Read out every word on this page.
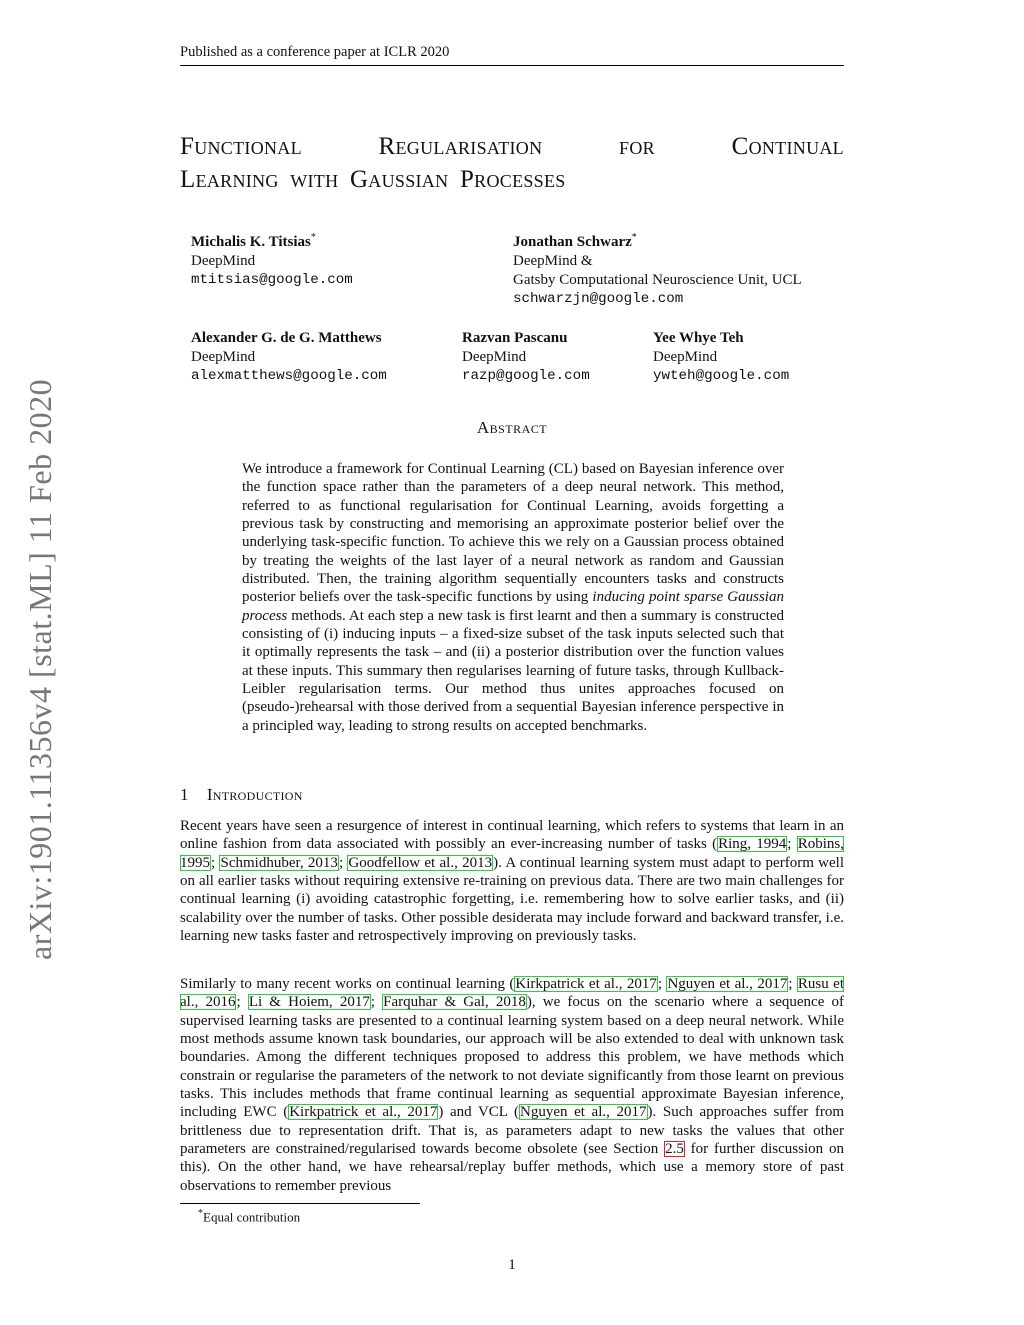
Published as a conference paper at ICLR 2020
Functional	Regularisation	for	Continual
Learning with Gaussian Processes
Michalis K. Titsias*
DeepMind
mtitsias@google.com
Jonathan Schwarz*
DeepMind &
Gatsby Computational Neuroscience Unit, UCL
schwarzjn@google.com
Alexander G. de G. Matthews
DeepMind
alexmatthews@google.com
Razvan Pascanu
DeepMind
razp@google.com
Yee Whye Teh
DeepMind
ywteh@google.com
Abstract
We introduce a framework for Continual Learning (CL) based on Bayesian inference over the function space rather than the parameters of a deep neural network. This method, referred to as functional regularisation for Continual Learning, avoids forgetting a previous task by constructing and memorising an approximate posterior belief over the underlying task-specific function. To achieve this we rely on a Gaussian process obtained by treating the weights of the last layer of a neural network as random and Gaussian distributed. Then, the training algorithm sequentially encounters tasks and constructs posterior beliefs over the task-specific functions by using inducing point sparse Gaussian process methods. At each step a new task is first learnt and then a summary is constructed consisting of (i) inducing inputs – a fixed-size subset of the task inputs selected such that it optimally represents the task – and (ii) a posterior distribution over the function values at these inputs. This summary then regularises learning of future tasks, through Kullback-Leibler regularisation terms. Our method thus unites approaches focused on (pseudo-)rehearsal with those derived from a sequential Bayesian inference perspective in a principled way, leading to strong results on accepted benchmarks.
1 Introduction
Recent years have seen a resurgence of interest in continual learning, which refers to systems that learn in an online fashion from data associated with possibly an ever-increasing number of tasks (Ring, 1994; Robins, 1995; Schmidhuber, 2013; Goodfellow et al., 2013). A continual learning system must adapt to perform well on all earlier tasks without requiring extensive re-training on previous data. There are two main challenges for continual learning (i) avoiding catastrophic forgetting, i.e. remembering how to solve earlier tasks, and (ii) scalability over the number of tasks. Other possible desiderata may include forward and backward transfer, i.e. learning new tasks faster and retrospectively improving on previously tasks.
Similarly to many recent works on continual learning (Kirkpatrick et al., 2017; Nguyen et al., 2017; Rusu et al., 2016; Li & Hoiem, 2017; Farquhar & Gal, 2018), we focus on the scenario where a sequence of supervised learning tasks are presented to a continual learning system based on a deep neural network. While most methods assume known task boundaries, our approach will be also extended to deal with unknown task boundaries. Among the different techniques proposed to address this problem, we have methods which constrain or regularise the parameters of the network to not deviate significantly from those learnt on previous tasks. This includes methods that frame continual learning as sequential approximate Bayesian inference, including EWC (Kirkpatrick et al., 2017) and VCL (Nguyen et al., 2017). Such approaches suffer from brittleness due to representation drift. That is, as parameters adapt to new tasks the values that other parameters are constrained/regularised towards become obsolete (see Section 2.5 for further discussion on this). On the other hand, we have rehearsal/replay buffer methods, which use a memory store of past observations to remember previous
*Equal contribution
1
arXiv:1901.11356v4 [stat.ML] 11 Feb 2020
